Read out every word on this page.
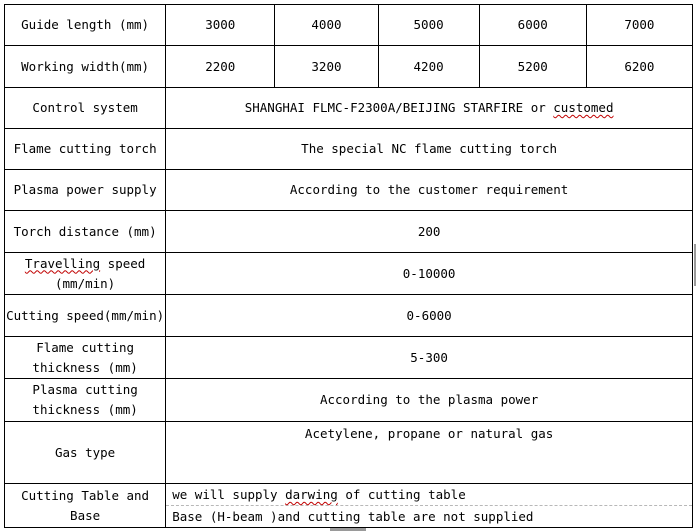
Guide length (mm)	3000	4000	5000	6000	7000
Working width(mm)	2200	3200	4200	5200	6200
Control system	SHANGHAI FLMC-F2300A/BEIJING STARFIRE or customed				
Flame cutting torch	The special NC flame cutting torch				
Plasma power supply	According to the customer requirement				
Torch distance (mm)	200				
Travelling speed
(mm/min)	0-10000				
Cutting speed(mm/min)	0-6000				
Flame cutting
thickness (mm)	5-300				
Plasma cutting
thickness (mm)	According to the plasma power				
Gas type	Acetylene, propane or natural gas				
Cutting Table and Base	we will supply darwing of cutting table
Base (H-beam )and cutting table are not supplied				
